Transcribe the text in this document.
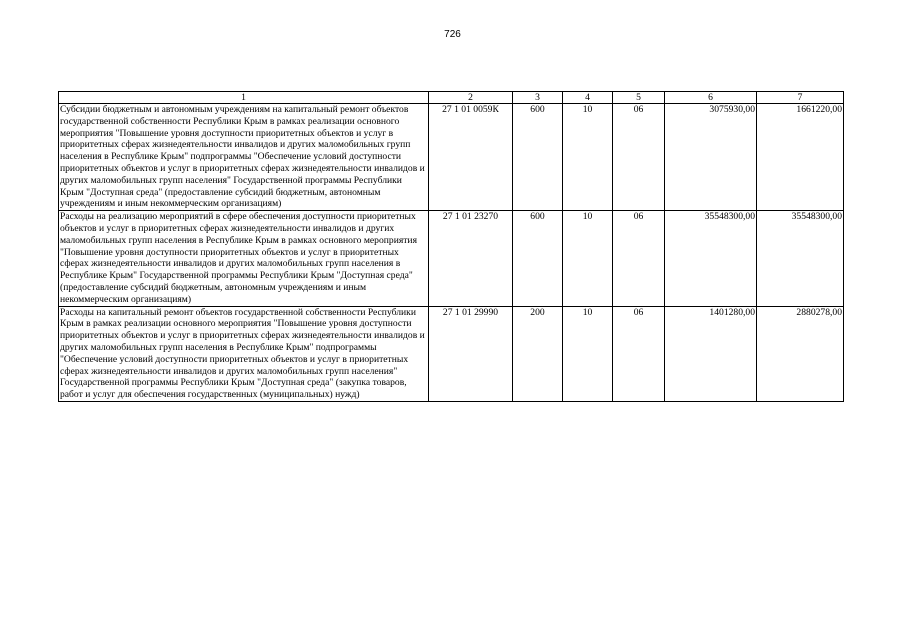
726
1	2	3	4	5	6	7
Субсидии бюджетным и автономным учреждениям на капитальный ремонт объектов государственной собственности Республики Крым в рамках реализации основного мероприятия "Повышение уровня доступности приоритетных объектов и услуг в приоритетных сферах жизнедеятельности инвалидов и других маломобильных групп населения в Республике Крым" подпрограммы "Обеспечение условий доступности приоритетных объектов и услуг в приоритетных сферах жизнедеятельности инвалидов и других маломобильных групп населения" Государственной программы Республики Крым "Доступная среда" (предоставление субсидий бюджетным, автономным учреждениям и иным некоммерческим организациям)	27 1 01 0059К	600	10	06	3075930,00	1661220,00
Расходы на реализацию мероприятий в сфере обеспечения доступности приоритетных объектов и услуг в приоритетных сферах жизнедеятельности инвалидов и других маломобильных групп населения в Республике Крым в рамках основного мероприятия "Повышение уровня доступности приоритетных объектов и услуг в приоритетных сферах жизнедеятельности инвалидов и других маломобильных групп населения в Республике Крым" Государственной программы Республики Крым "Доступная среда" (предоставление субсидий бюджетным, автономным учреждениям и иным некоммерческим организациям)	27 1 01 23270	600	10	06	35548300,00	35548300,00
Расходы на капитальный ремонт объектов государственной собственности Республики Крым в рамках реализации основного мероприятия "Повышение уровня доступности приоритетных объектов и услуг в приоритетных сферах жизнедеятельности инвалидов и других маломобильных групп населения в Республике Крым" подпрограммы "Обеспечение условий доступности приоритетных объектов и услуг в приоритетных сферах жизнедеятельности инвалидов и других маломобильных групп населения" Государственной программы Республики Крым "Доступная среда" (закупка товаров, работ и услуг для обеспечения государственных (муниципальных) нужд)	27 1 01 29990	200	10	06	1401280,00	2880278,00
